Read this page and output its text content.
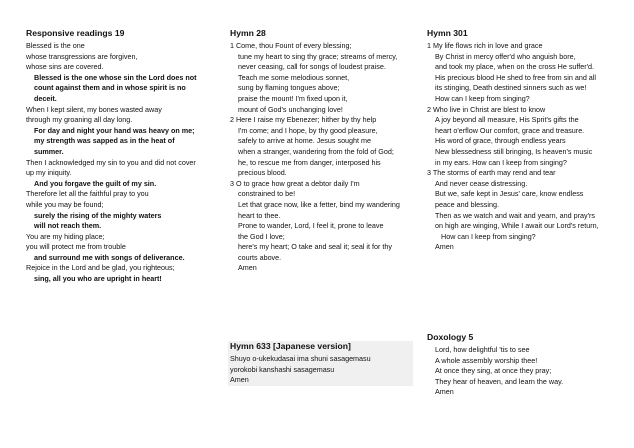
Responsive readings 19
Blessed is the one
whose transgressions are forgiven,
whose sins are covered.
Blessed is the one whose sin the Lord does not
count against them and in whose spirit is no
deceit.
When I kept silent, my bones wasted away
through my groaning all day long.
For day and night your hand was heavy on me;
my strength was sapped as in the heat of
summer.
Then I acknowledged my sin to you and did not cover
up my iniquity.
And you forgave the guilt of my sin.
Therefore let all the faithful pray to you
while you may be found;
surely the rising of the mighty waters
will not reach them.
You are my hiding place;
you will protect me from trouble
and surround me with songs of deliverance.
Rejoice in the Lord and be glad, you righteous;
sing, all you who are upright in heart!
Hymn 28
1 Come, thou Fount of every blessing;
tune my heart to sing thy grace; streams of mercy,
never ceasing, call for songs of loudest praise.
Teach me some melodious sonnet,
sung by flaming tongues above;
praise the mount! I'm fixed upon it,
mount of God's unchanging love!
2 Here I raise my Ebenezer; hither by thy help
I'm come; and I hope, by thy good pleasure,
safely to arrive at home. Jesus sought me
when a stranger, wandering from the fold of God;
he, to rescue me from danger, interposed his
precious blood.
3 O to grace how great a debtor daily I'm
constrained to be!
Let that grace now, like a fetter, bind my wandering
heart to thee.
Prone to wander, Lord, I feel it, prone to leave
the God I love;
here's my heart; O take and seal it; seal it for thy
courts above.
Amen
Hymn 301
1 My life flows rich in love and grace
By Christ in mercy offer'd who anguish bore,
and took my place, when on the cross He suffer'd.
His precious blood He shed to free from sin and all
its stinging, Death destined sinners such as we!
How can I keep from singing?
2 Who live in Christ are blest to know
A joy beyond all measure, His Sprit's gifts the
heart o'erflow Our comfort, grace and treasure.
His word of grace, through endless years
New blessedness still bringing, Is heaven's music
in my ears. How can I keep from singing?
3 The storms of earth may rend and tear
And never cease distressing.
But we, safe kept in Jesus' care, know endless
peace and blessing.
Then as we watch and wait and yearn, and pray'rs
on high are winging, While I await our Lord's return,
How can I keep from singing?
Amen
Hymn 633 [Japanese version]
Shuyo o-ukekudasai ima shuni sasagemasu
yorokobi kanshashi sasagemasu
Amen
Doxology 5
Lord, how delightful 'tis to see
A whole assembly worship thee!
At once they sing, at once they pray;
They hear of heaven, and learn the way.
Amen
